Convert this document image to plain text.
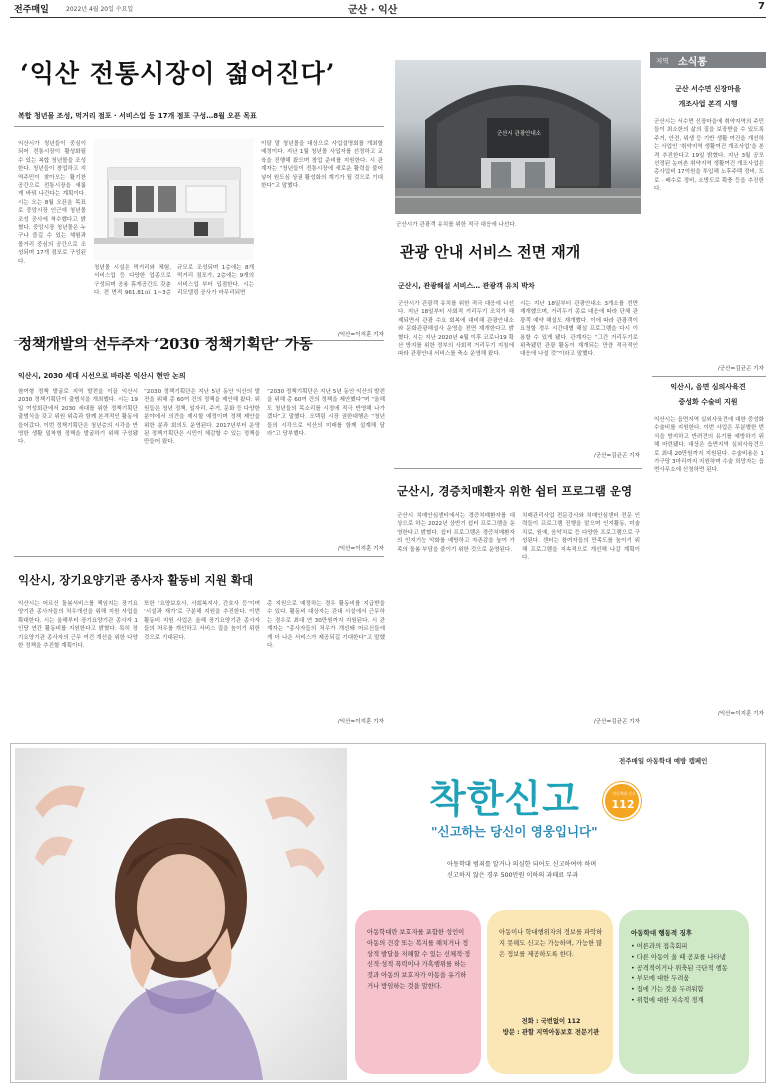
전주매일	2022년 4월 20일 수요일	군산 · 익산	7
‘익산 전통시장이 젊어진다’
복합 청년몰 조성, 먹거리 점포 · 서비스업 등 17개 점포 구성…8월 오픈 목표
익산시가 청년들이 중심이 되어 전통시장이 활성화될 수 있는 복합 청년몰을 조성한다. 청년들이 창업하고 지역주민이 찾아오는 활기찬 공간으로 전통시장을 새롭게 바꿔 나간다는 계획이다. 시는 오는 8월 오픈을 목표로 중앙시장 인근에 청년몰 조성 공사에 착수했다고 밝혔다. 중앙시장 청년몰은 누구나 즐길 수 있는 체험과 볼거리 중심의 공간으로 조성되며 17개 점포로 구성된다.
청년몰 시설은 먹거리와 체험, 서비스업 등 다양한 업종으로 구성되며 공용 휴게공간도 갖춘다. 전 면적 961.81㎡ 1~3층 규모로 조성되며 1층에는 8개 먹거리 점포가, 2층에는 9개의 서비스업 부터 입점한다. 시는 리모델링 공사가 마무리되면
이달 말 청년몰을 대상으로 사업설명회를 개최할 예정이다. 지난 1월 청년몰 사업자를 선정하고 교육을 진행해 왔으며 창업 준비를 지원한다. 시 관계자는 “청년들이 전통시장에 새로운 활력을 불어넣어 원도심 상권 활성화의 계기가 될 것으로 기대한다”고 말했다.
/익산=이지훈 기자
군산시 관광안내소
군산시가 관광객 유치를 위한 적극 대응에 나선다.
관광 안내 서비스 전면 재개
군산시, 관광해설 서비스… 관광객 유치 박차
군산시가 관광객 유치를 위한 적극 대응에 나선다. 지난 18일부터 사회적 거리두기 조치가 해제되면서 관광 수요 회복에 대비해 관광안내소와 문화관광해설사 운영을 전면 재개한다고 밝혔다. 시는 지난 2020년 4월 이후 코로나19 확산 방지를 위한 정부의 사회적 거리두기 지침에 따라 관광안내 서비스를 축소 운영해 왔다.
시는 지난 18일부터 관광안내소 3개소를 전면 재개했으며, 거리두기 종료 대응에 따라 단체 관광객 예약 해설도 재개했다. 이에 따라 관광객이 요청할 경우 시간대별 해설 프로그램을 다시 이용할 수 있게 됐다. 관계자는 “그간 거리두기로 위축됐던 관광 활동이 재개되는 만큼 적극적인 대응에 나설 것”이라고 말했다.
/군산=김균곤 기자
정책개발의 선두주자 ‘2030 정책기획단’ 가동
익산시, 2030 세대 시선으로 바라본 익산시 현안 논의
참여형 정책 발굴로 지역 발전을 이끌 익산시 2030 정책기획단이 출범식을 개최했다. 시는 19일 여성회관에서 2030 세대를 위한 정책기획단 출범식을 갖고 위원 위촉과 함께 본격적인 활동에 들어갔다. 이번 정책기획단은 청년층의 시각을 반영한 생활 밀착형 정책을 발굴하기 위해 구성됐다.
“2030 정책기획단은 지난 5년 동안 익산의 발전을 위해 총 60여 건의 정책을 제안해 왔다. 위원들은 청년 정책, 일자리, 주거, 문화 등 다양한 분야에서 의견을 제시할 예정이며 정책 제안을 위한 분과 회의도 운영된다. 2017년부터 운영된 정책기획단은 시민이 체감할 수 있는 정책을 만들어 왔다.
“2030 정책기획단은 지난 5년 동안 익산의 발전을 위해 총 60여 건의 정책을 제안했다”며 “올해도 청년들의 목소리를 시정에 적극 반영해 나가겠다”고 말했다. 오택림 시장 권한대행은 “청년들의 시각으로 익산의 미래를 함께 설계해 달라”고 당부했다.
/익산=이지훈 기자
익산시, 장기요양기관 종사자 활동비 지원 확대
익산시는 어르신 돌봄서비스를 책임지는 장기요양기관 종사자들의 처우개선을 위해 지원 사업을 확대한다. 시는 올해부터 장기요양기관 종사자 1인당 연간 활동비를 지원한다고 밝혔다. 특히 장기요양기관 종사자의 근무 여건 개선을 위한 다양한 정책을 추진할 계획이다.
또한 ‘요양보호사, 사회복지사, 간호사 등’이며 ‘시설과 재가’로 구분해 지원을 추진한다. 이번 활동비 지원 사업은 올해 장기요양기관 종사자들의 처우를 개선하고 서비스 질을 높이기 위한 것으로 기대된다.
총 지원으로 예정하는 경우 활동비를 지급받을 수 있다. 활동비 대상자는 관내 시설에서 근무하는 경우로 최대 연 30만원까지 지원된다. 시 관계자는 “종사자들의 처우가 개선돼 어르신들에게 더 나은 서비스가 제공되길 기대한다”고 말했다.
/익산=이지훈 기자
군산시, 경증치매환자 위한 쉼터 프로그램 운영
군산시 치매안심센터에서는 경증치매환자를 대상으로 하는 2022년 상반기 쉼터 프로그램을 운영한다고 밝혔다. 쉼터 프로그램은 경증치매환자의 인지기능 악화를 예방하고 자존감을 높여 가족의 돌봄 부담을 줄이기 위한 것으로 운영된다.
치매관리사업 전문강사와 치매안심센터 전문 인력들이 프로그램 진행을 맡으며 인지활동, 미술치료, 원예, 음악치료 등 다양한 프로그램으로 구성된다. 센터는 참여자들의 만족도를 높이기 위해 프로그램을 지속적으로 개선해 나갈 계획이다.
/군산=김균곤 기자
지역 소식통
군산 서수면 신장마을
개조사업 본격 시행
군산시는 서수면 신장마을에 취약지역의 주민들이 최소한의 삶의 질을 보장받을 수 있도록 주거, 안전, 위생 등 기반 생활 여건을 개선하는 사업인 ‘취약지역 생활여건 개조사업’을 본격 추진한다고 19일 밝혔다. 지난 3월 공모 선정된 농어촌 취약지역 생활여건 개조사업은 총사업비 17억원을 투입해 노후주택 정비, 도로 · 배수로 정비, 소방도로 확충 등을 추진한다.
/군산=김균곤 기자
익산시, 음면 심의사육견
중성화 수술비 지원
익산시는 읍면지역 실외사육견에 대한 중성화 수술비를 지원한다. 이번 사업은 무분별한 번식을 방지하고 반려견의 유기를 예방하기 위해 마련됐다. 대상은 읍면지역 실외사육견으로 최대 20만원까지 지원된다. 수술비용은 1가구당 3마리까지 지원하며 수술 희망자는 읍면사무소에 신청하면 된다.
/익산=이지훈 기자
전주매일 아동학대 예방 캠페인
착한신고	아동학대 신고
112
"신고하는 당신이 영웅입니다"
아동학대 범죄를 알거나 의심한 되어도 신고하여야 하며
신고하지 않은 경우 500만원 이하의 과태료 부과
아동학대란 보호자를 포함한 성인이 아동의 건강 또는 복지를 해치거나 정상적 발달을 저해할 수 있는 신체적·정신적·성적 폭력이나 가혹행위를 하는 것과 아동의 보호자가 아동을 유기하거나 방임하는 것을 말한다.
아동이나 학대행위자의 정보를 파악하지 못해도 신고는 가능하며, 가능한 많은 정보를 제공하도록 한다.
전화 : 국번없이 112
방문 : 관할 지역아동보호 전문기관
아동학대 행동적 징후
• 어른과의 접촉회피
• 다른 아동이 울 때 공포를 나타냄
• 공격적이거나 위축된 극단적 행동
• 부모에 대한 두려움
• 집에 가는 것을 두려워함
• 위험에 대한 지속적 경계
